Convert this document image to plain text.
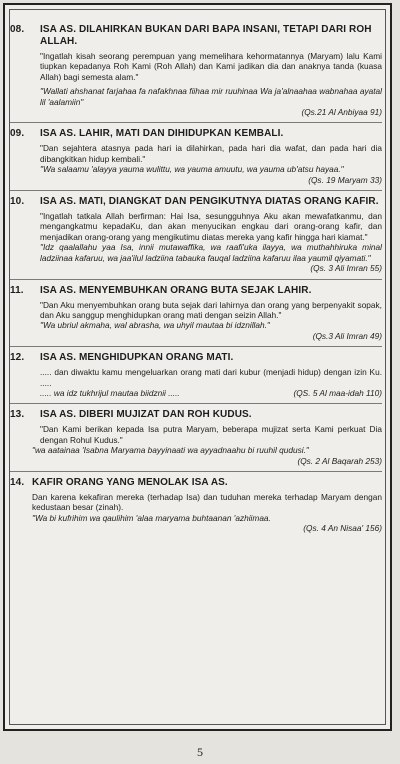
08.	ISA AS. DILAHIRKAN BUKAN DARI BAPA INSANI, TETAPI DARI ROH ALLAH.
"Ingatlah kisah seorang perempuan yang memelihara kehormatannya (Maryam) lalu Kami tiupkan kepadanya Roh Kami (Roh Allah) dan Kami jadikan dia dan anaknya tanda (kuasa Allah) bagi semesta alam."
"Wallati ahshanat farjahaa fa nafakhnaa fiihaa mir ruuhinaa Wa ja'alnaahaa wabnahaa ayatal lil 'aalamiin"
(Qs.21 Al Anbiyaa 91)
09.	ISA AS. LAHIR, MATI DAN DIHIDUPKAN KEMBALI.
"Dan sejahtera atasnya pada hari ia dilahirkan, pada hari dia wafat, dan pada hari dia dibangkitkan hidup kembali."
"Wa salaamu 'alayya yauma wulittu, wa yauma amuutu, wa yauma ub'atsu hayaa."
(Qs. 19 Maryam 33)
10.	ISA AS. MATI, DIANGKAT DAN PENGIKUTNYA DIATAS ORANG KAFIR.
"Ingatlah tatkala Allah berfirman: Hai Isa, sesungguhnya Aku akan mewafatkanmu, dan mengangkatmu kepadaKu, dan akan menyucikan engkau dari orang-orang kafir, dan menjadikan orang-orang yang mengikutimu diatas mereka yang kafir hingga hari kiamat."
"Idz qaalallahu yaa Isa, innii mutawaffika, wa raafi'uka ilayya, wa muthahhiruka minal ladziinaa kafaruu, wa jaa'ilul ladziina tabauka fauqal ladziina kafaruu ilaa yaumil qiyamati."
(Qs. 3 Ali Imran 55)
11.	ISA AS. MENYEMBUHKAN ORANG BUTA SEJAK LAHIR.
"Dan Aku menyembuhkan orang buta sejak dari lahirnya dan orang yang berpenyakit sopak, dan Aku sanggup menghidupkan orang mati dengan seizin Allah."
"Wa ubriul akmaha, wal abrasha, wa uhyil mautaa bi idznillah."
(Qs.3 Ali Imran 49)
12.	ISA AS. MENGHIDUPKAN ORANG MATI.
..... dan diwaktu kamu mengeluarkan orang mati dari kubur (menjadi hidup) dengan izin Ku. .....
..... wa idz tukhrijul mautaa biidznii .....	(QS. 5 Al maa-idah 110)
13.	ISA AS. DIBERI MUJIZAT DAN ROH KUDUS.
"Dan Kami berikan kepada Isa putra Maryam, beberapa mujizat serta Kami perkuat Dia dengan Rohul Kudus."
"wa aatainaa 'Isabna Maryama bayyinaati wa ayyadnaahu bi ruuhil qudusi."
(Qs. 2 Al Baqarah 253)
14. KAFIR ORANG YANG MENOLAK ISA AS.
Dan karena kekafiran mereka (terhadap Isa) dan tuduhan mereka terhadap Maryam dengan kedustaan besar (zinah).
"Wa bi kufrihim wa qaulihim 'alaa maryama buhtaanan 'azhiimaa.
(Qs. 4 An Nisaa' 156)
5
